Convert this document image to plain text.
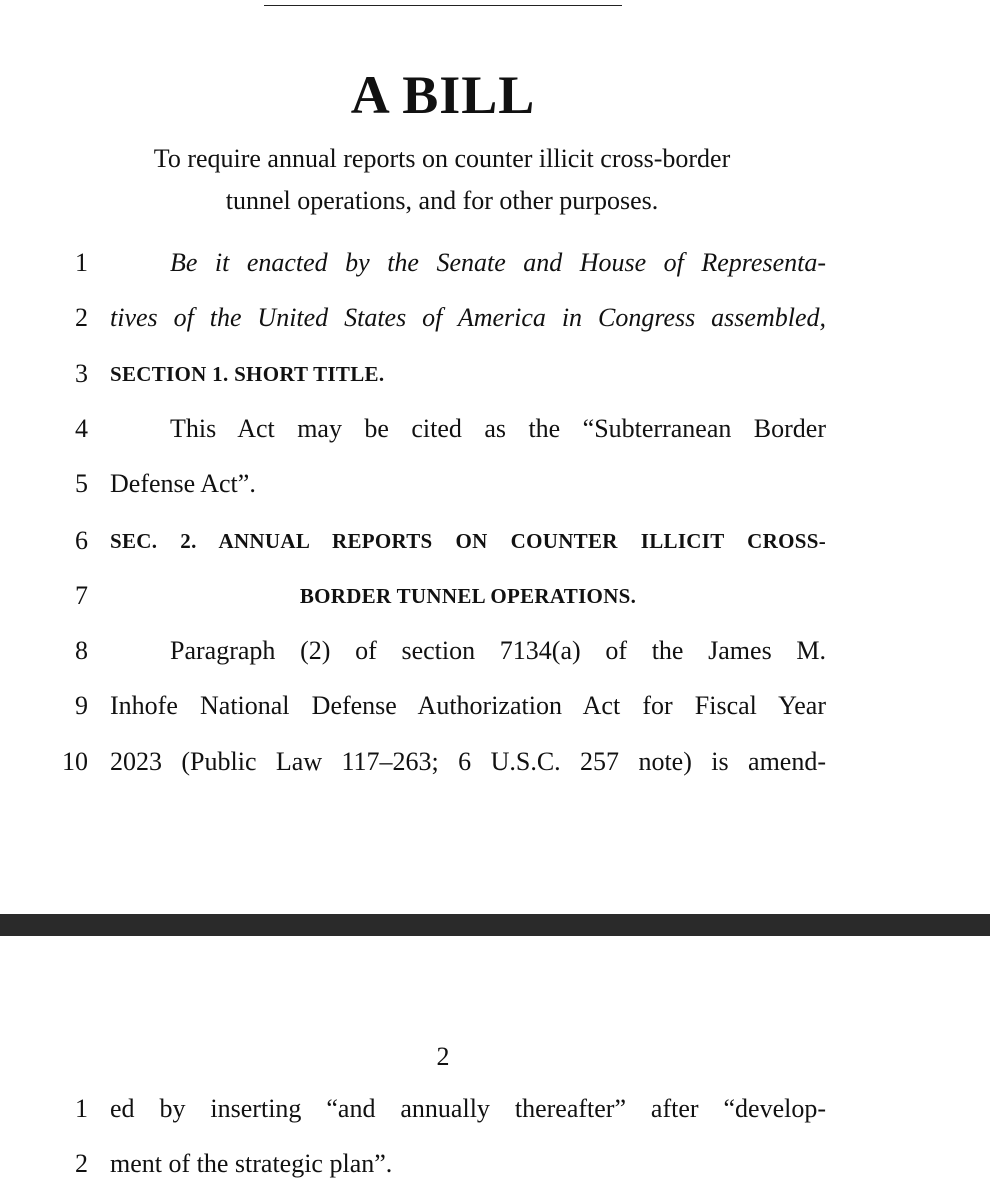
A BILL
To require annual reports on counter illicit cross-border
tunnel operations, and for other purposes.
1	Be it enacted by the Senate and House of Representa-
2 tives of the United States of America in Congress assembled,
3 SECTION 1. SHORT TITLE.
4	This Act may be cited as the “Subterranean Border
5 Defense Act”.
6 SEC. 2. ANNUAL REPORTS ON COUNTER ILLICIT CROSS-
7	BORDER TUNNEL OPERATIONS.
8	Paragraph (2) of section 7134(a) of the James M.
9 Inhofe National Defense Authorization Act for Fiscal Year
10 2023 (Public Law 117–263; 6 U.S.C. 257 note) is amend-
2
1 ed by inserting “and annually thereafter” after “develop-
2 ment of the strategic plan”.
